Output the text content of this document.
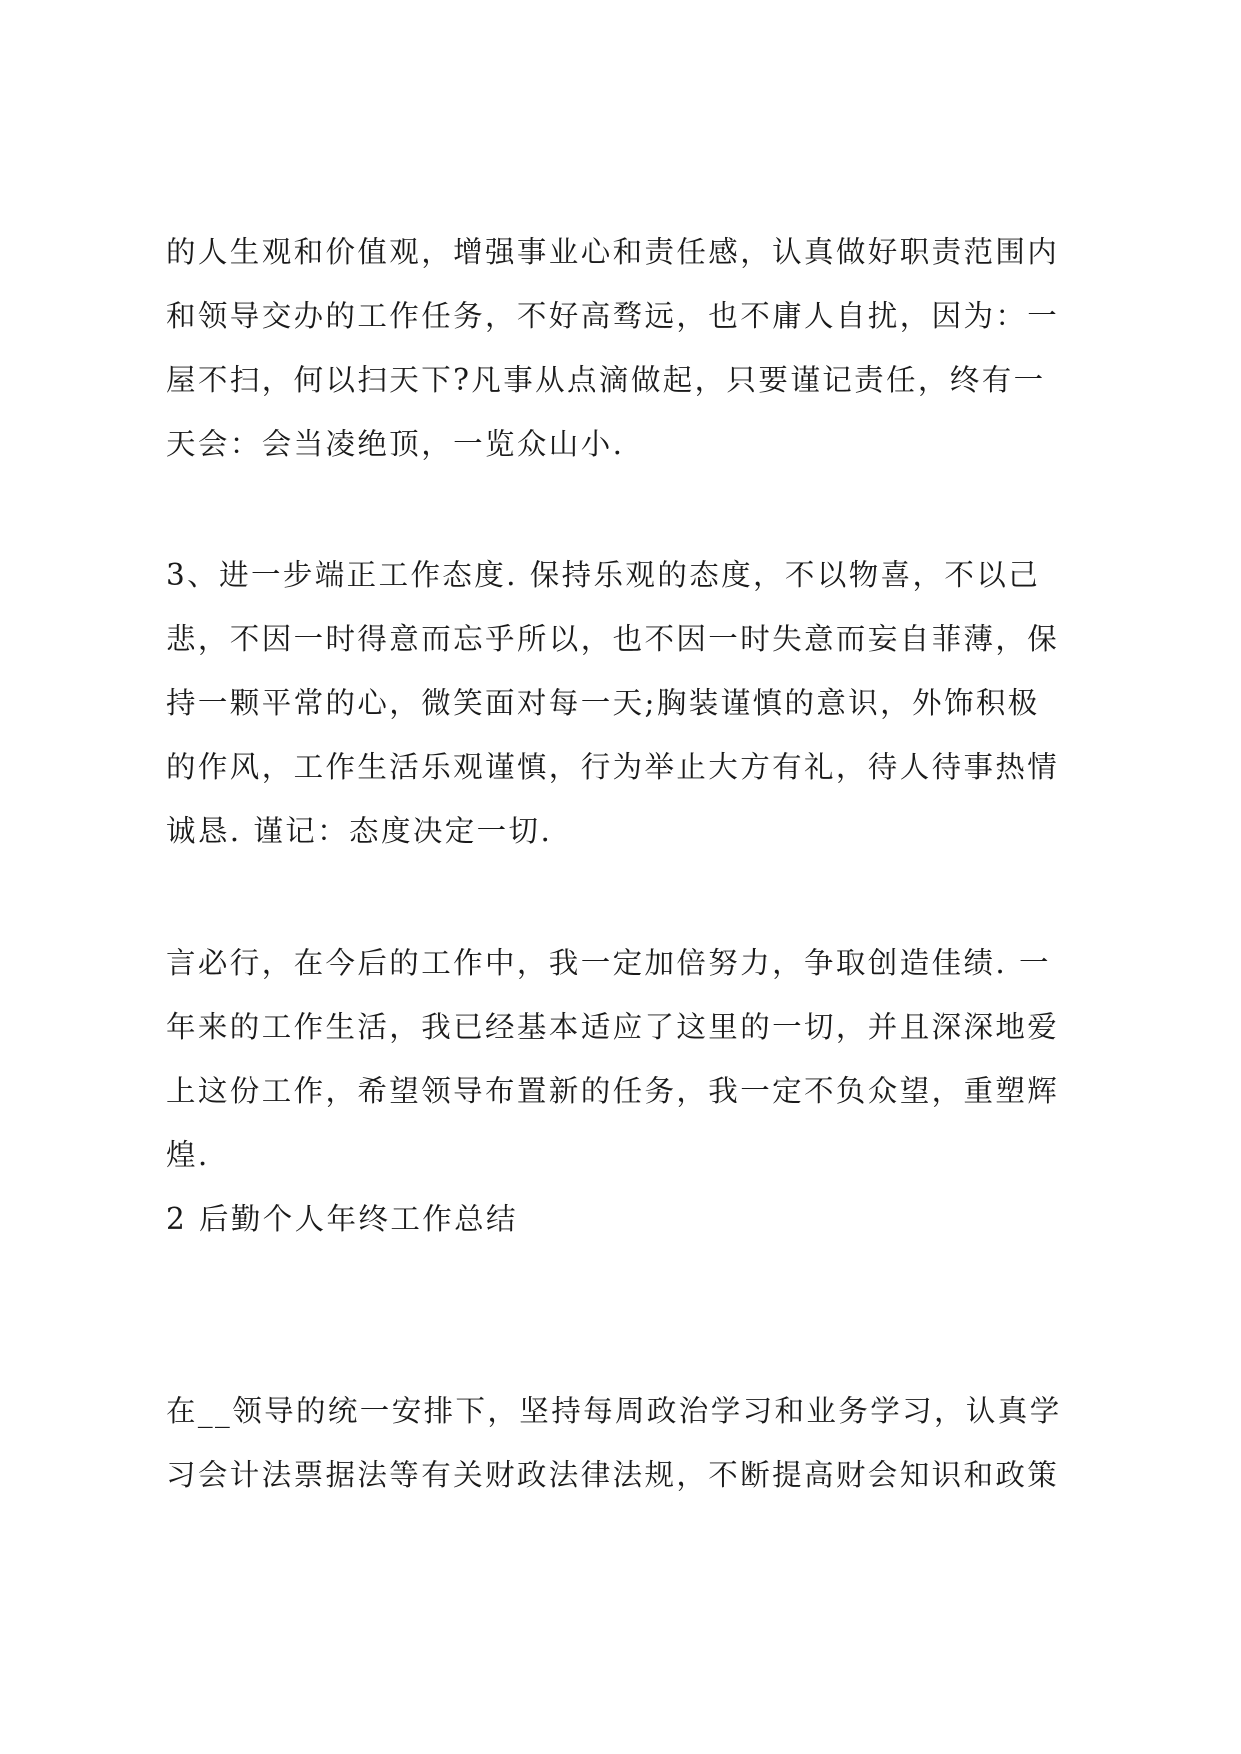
的人生观和价值观，增强事业心和责任感，认真做好职责范围内
和领导交办的工作任务，不好高骛远，也不庸人自扰，因为：一
屋不扫，何以扫天下?凡事从点滴做起，只要谨记责任，终有一
天会：会当凌绝顶，一览众山小.

3、进一步端正工作态度. 保持乐观的态度，不以物喜，不以己
悲，不因一时得意而忘乎所以，也不因一时失意而妄自菲薄，保
持一颗平常的心，微笑面对每一天;胸装谨慎的意识，外饰积极
的作风，工作生活乐观谨慎，行为举止大方有礼，待人待事热情
诚恳. 谨记：态度决定一切.

言必行，在今后的工作中，我一定加倍努力，争取创造佳绩. 一
年来的工作生活，我已经基本适应了这里的一切，并且深深地爱
上这份工作，希望领导布置新的任务，我一定不负众望，重塑辉
煌.

2 后勤个人年终工作总结

在__领导的统一安排下，坚持每周政治学习和业务学习，认真学
习会计法票据法等有关财政法律法规，不断提高财会知识和政策
